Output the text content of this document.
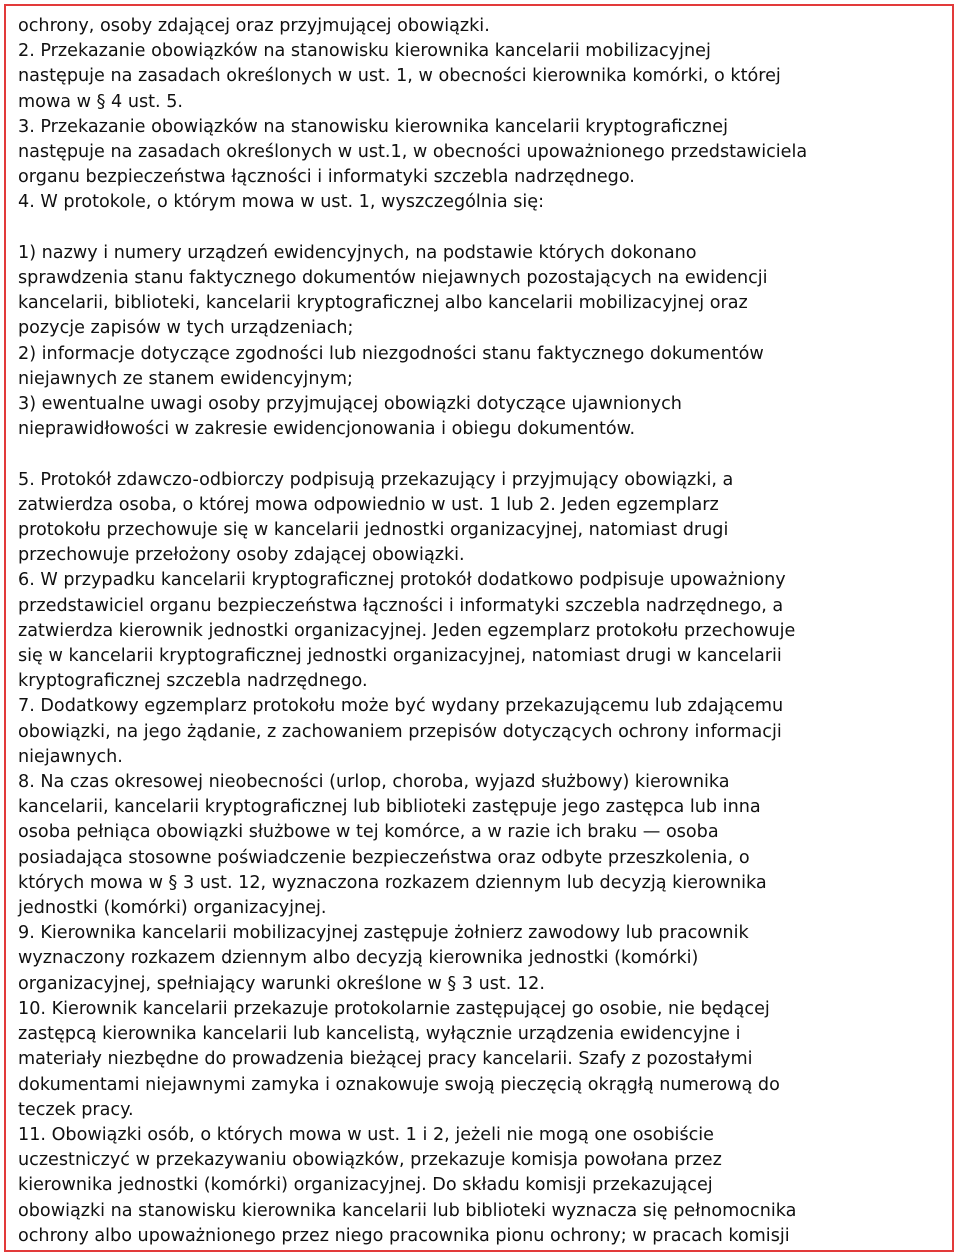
ochrony, osoby zdającej oraz przyjmującej obowiązki.
2. Przekazanie obowiązków na stanowisku kierownika kancelarii mobilizacyjnej
następuje na zasadach określonych w ust. 1, w obecności kierownika komórki, o której
mowa w § 4 ust. 5.
3. Przekazanie obowiązków na stanowisku kierownika kancelarii kryptograficznej
następuje na zasadach określonych w ust.1, w obecności upoważnionego przedstawiciela
organu bezpieczeństwa łączności i informatyki szczebla nadrzędnego.
4. W protokole, o którym mowa w ust. 1, wyszczególnia się:
1) nazwy i numery urządzeń ewidencyjnych, na podstawie których dokonano
sprawdzenia stanu faktycznego dokumentów niejawnych pozostających na ewidencji
kancelarii, biblioteki, kancelarii kryptograficznej albo kancelarii mobilizacyjnej oraz
pozycje zapisów w tych urządzeniach;
2) informacje dotyczące zgodności lub niezgodności stanu faktycznego dokumentów
niejawnych ze stanem ewidencyjnym;
3) ewentualne uwagi osoby przyjmującej obowiązki dotyczące ujawnionych
nieprawidłowości w zakresie ewidencjonowania i obiegu dokumentów.
5. Protokół zdawczo-odbiorczy podpisują przekazujący i przyjmujący obowiązki, a
zatwierdza osoba, o której mowa odpowiednio w ust. 1 lub 2. Jeden egzemplarz
protokołu przechowuje się w kancelarii jednostki organizacyjnej, natomiast drugi
przechowuje przełożony osoby zdającej obowiązki.
6. W przypadku kancelarii kryptograficznej protokół dodatkowo podpisuje upoważniony
przedstawiciel organu bezpieczeństwa łączności i informatyki szczebla nadrzędnego, a
zatwierdza kierownik jednostki organizacyjnej. Jeden egzemplarz protokołu przechowuje
się w kancelarii kryptograficznej jednostki organizacyjnej, natomiast drugi w kancelarii
kryptograficznej szczebla nadrzędnego.
7. Dodatkowy egzemplarz protokołu może być wydany przekazującemu lub zdającemu
obowiązki, na jego żądanie, z zachowaniem przepisów dotyczących ochrony informacji
niejawnych.
8. Na czas okresowej nieobecności (urlop, choroba, wyjazd służbowy) kierownika
kancelarii, kancelarii kryptograficznej lub biblioteki zastępuje jego zastępca lub inna
osoba pełniąca obowiązki służbowe w tej komórce, a w razie ich braku — osoba
posiadająca stosowne poświadczenie bezpieczeństwa oraz odbyte przeszkolenia, o
których mowa w § 3 ust. 12, wyznaczona rozkazem dziennym lub decyzją kierownika
jednostki (komórki) organizacyjnej.
9. Kierownika kancelarii mobilizacyjnej zastępuje żołnierz zawodowy lub pracownik
wyznaczony rozkazem dziennym albo decyzją kierownika jednostki (komórki)
organizacyjnej, spełniający warunki określone w § 3 ust. 12.
10. Kierownik kancelarii przekazuje protokolarnie zastępującej go osobie, nie będącej
zastępcą kierownika kancelarii lub kancelistą, wyłącznie urządzenia ewidencyjne i
materiały niezbędne do prowadzenia bieżącej pracy kancelarii. Szafy z pozostałymi
dokumentami niejawnymi zamyka i oznakowuje swoją pieczęcią okrągłą numerową do
teczek pracy.
11. Obowiązki osób, o których mowa w ust. 1 i 2, jeżeli nie mogą one osobiście
uczestniczyć w przekazywaniu obowiązków, przekazuje komisja powołana przez
kierownika jednostki (komórki) organizacyjnej. Do składu komisji przekazującej
obowiązki na stanowisku kierownika kancelarii lub biblioteki wyznacza się pełnomocnika
ochrony albo upoważnionego przez niego pracownika pionu ochrony; w pracach komisji
